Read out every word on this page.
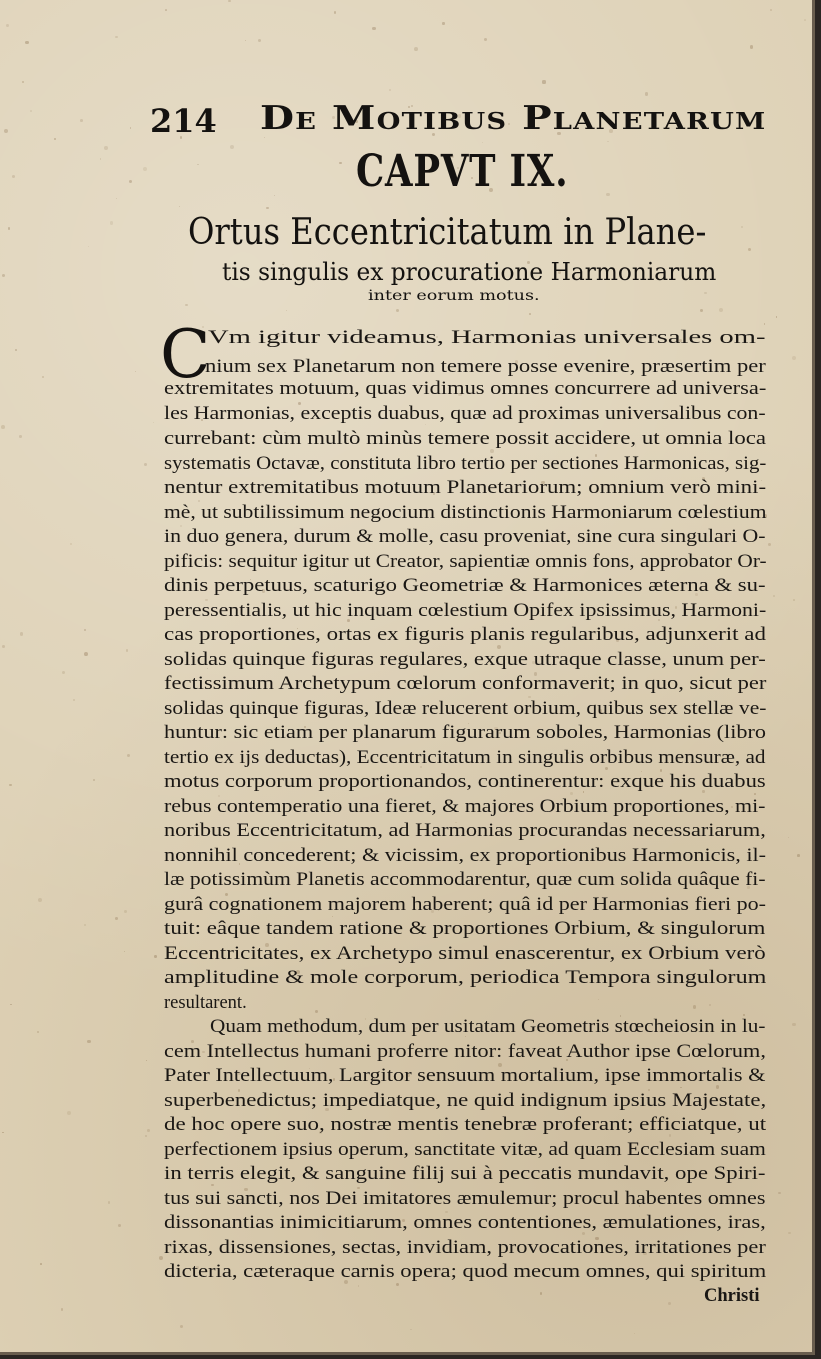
214 De Motibus Planetarum
CAPVT IX.
Ortus Eccentricitatum in Plane-
tis singulis ex procuratione Harmoniarum
inter eorum motus.
C
Vm igitur videamus, Harmonias universales om-
nium sex Planetarum non temere posse evenire, præsertim per
extremitates motuum, quas vidimus omnes concurrere ad universa-
les Harmonias, exceptis duabus, quæ ad proximas universalibus con-
currebant: cùm multò minùs temere possit accidere, ut omnia loca
systematis Octavæ, constituta libro tertio per sectiones Harmonicas, sig-
nentur extremitatibus motuum Planetariorum; omnium verò mini-
mè, ut subtilissimum negocium distinctionis Harmoniarum cœlestium
in duo genera, durum & molle, casu proveniat, sine cura singulari O-
pificis: sequitur igitur ut Creator, sapientiæ omnis fons, approbator Or-
dinis perpetuus, scaturigo Geometriæ & Harmonices æterna & su-
peressentialis, ut hic inquam cœlestium Opifex ipsissimus, Harmoni-
cas proportiones, ortas ex figuris planis regularibus, adjunxerit ad
solidas quinque figuras regulares, exque utraque classe, unum per-
fectissimum Archetypum cœlorum conformaverit; in quo, sicut per
solidas quinque figuras, Ideæ relucerent orbium, quibus sex stellæ ve-
huntur: sic etiam per planarum figurarum soboles, Harmonias (libro
tertio ex ijs deductas), Eccentricitatum in singulis orbibus mensuræ, ad
motus corporum proportionandos, continerentur: exque his duabus
rebus contemperatio una fieret, & majores Orbium proportiones, mi-
noribus Eccentricitatum, ad Harmonias procurandas necessariarum,
nonnihil concederent; & vicissim, ex proportionibus Harmonicis, il-
læ potissimùm Planetis accommodarentur, quæ cum solida quâque fi-
gurâ cognationem majorem haberent; quâ id per Harmonias fieri po-
tuit: eâque tandem ratione & proportiones Orbium, & singulorum
Eccentricitates, ex Archetypo simul enascerentur, ex Orbium verò
amplitudine & mole corporum, periodica Tempora singulorum
resultarent.
Quam methodum, dum per usitatam Geometris stœcheiosin in lu-
cem Intellectus humani proferre nitor: faveat Author ipse Cœlorum,
Pater Intellectuum, Largitor sensuum mortalium, ipse immortalis &
superbenedictus; impediatque, ne quid indignum ipsius Majestate,
de hoc opere suo, nostræ mentis tenebræ proferant; efficiatque, ut
perfectionem ipsius operum, sanctitate vitæ, ad quam Ecclesiam suam
in terris elegit, & sanguine filij sui à peccatis mundavit, ope Spiri-
tus sui sancti, nos Dei imitatores æmulemur; procul habentes omnes
dissonantias inimicitiarum, omnes contentiones, æmulationes, iras,
rixas, dissensiones, sectas, invidiam, provocationes, irritationes per
dicteria, cæteraque carnis opera; quod mecum omnes, qui spiritum
Christi
